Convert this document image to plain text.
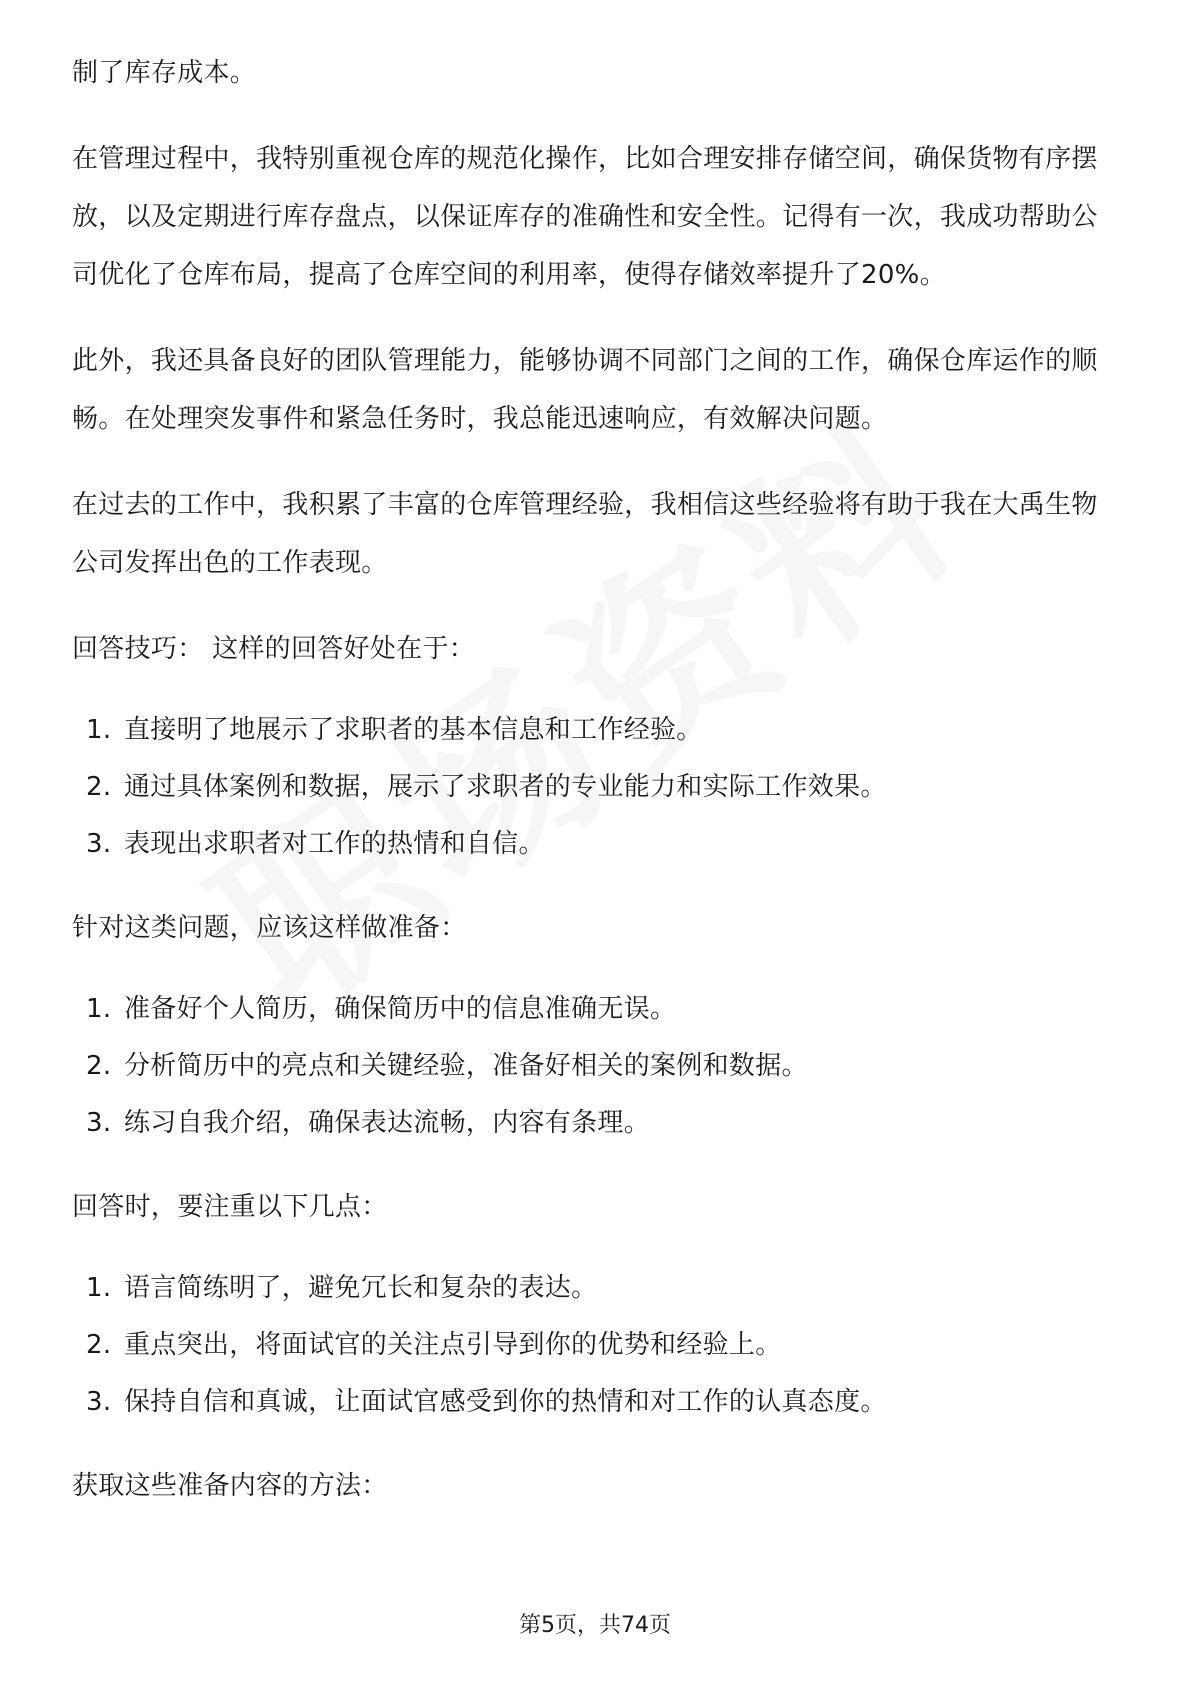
制了库存成本。

在管理过程中，我特别重视仓库的规范化操作，比如合理安排存储空间，确保货物有序摆放，以及定期进行库存盘点，以保证库存的准确性和安全性。记得有一次，我成功帮助公司优化了仓库布局，提高了仓库空间的利用率，使得存储效率提升了20%。

此外，我还具备良好的团队管理能力，能够协调不同部门之间的工作，确保仓库运作的顺畅。在处理突发事件和紧急任务时，我总能迅速响应，有效解决问题。

在过去的工作中，我积累了丰富的仓库管理经验，我相信这些经验将有助于我在大禹生物公司发挥出色的工作表现。

回答技巧： 这样的回答好处在于：

1. 直接明了地展示了求职者的基本信息和工作经验。
2. 通过具体案例和数据，展示了求职者的专业能力和实际工作效果。
3. 表现出求职者对工作的热情和自信。

针对这类问题，应该这样做准备：

1. 准备好个人简历，确保简历中的信息准确无误。
2. 分析简历中的亮点和关键经验，准备好相关的案例和数据。
3. 练习自我介绍，确保表达流畅，内容有条理。

回答时，要注重以下几点：

1. 语言简练明了，避免冗长和复杂的表达。
2. 重点突出，将面试官的关注点引导到你的优势和经验上。
3. 保持自信和真诚，让面试官感受到你的热情和对工作的认真态度。

获取这些准备内容的方法：

第5页，共74页
